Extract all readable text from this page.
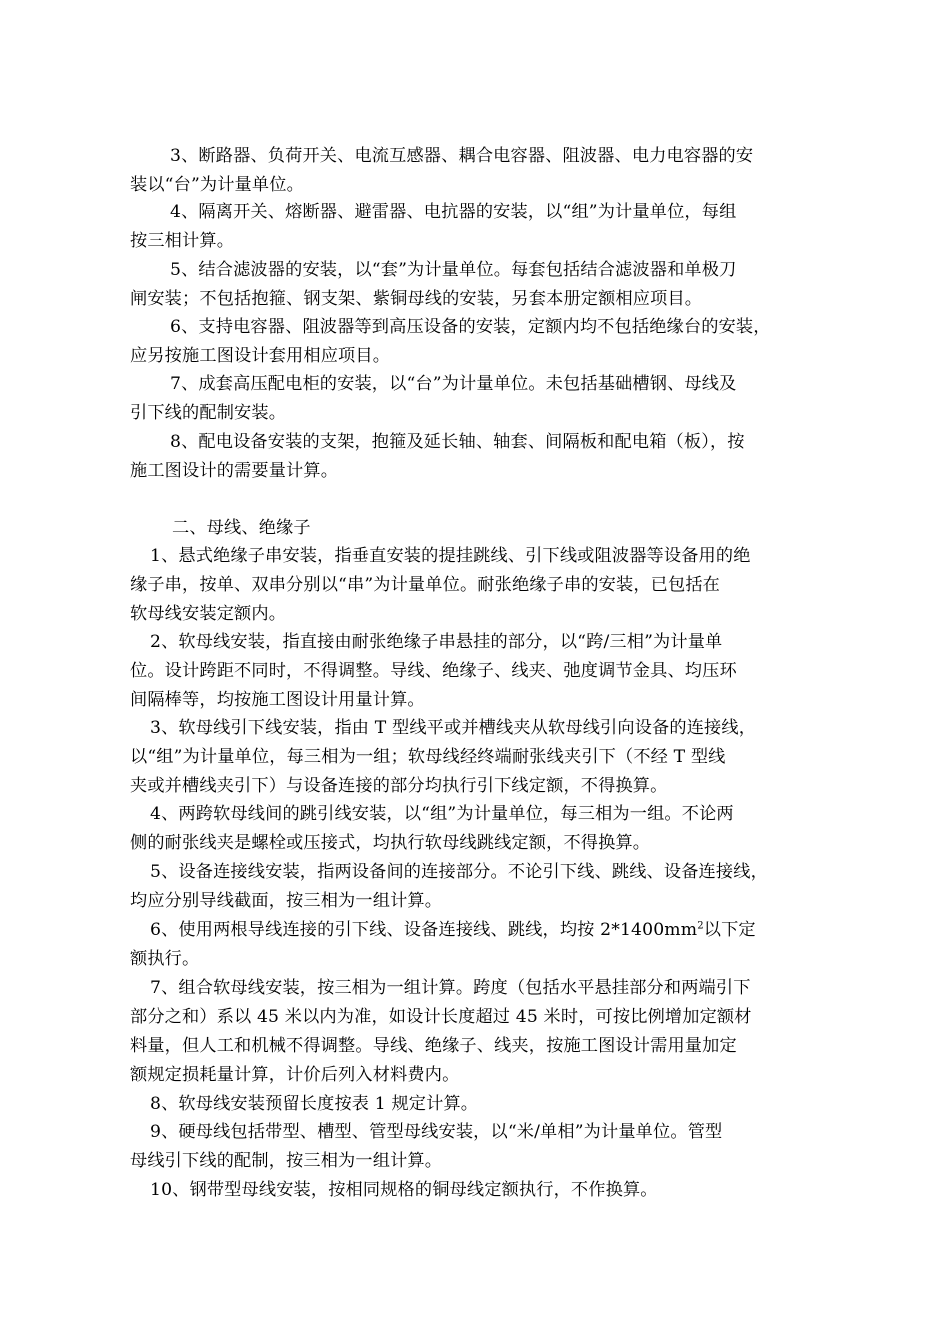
3、断路器、负荷开关、电流互感器、耦合电容器、阻波器、电力电容器的安
装以“台”为计量单位。
4、隔离开关、熔断器、避雷器、电抗器的安装，以“组”为计量单位，每组
按三相计算。
5、结合滤波器的安装，以“套”为计量单位。每套包括结合滤波器和单极刀
闸安装；不包括抱箍、钢支架、紫铜母线的安装，另套本册定额相应项目。
6、支持电容器、阻波器等到高压设备的安装，定额内均不包括绝缘台的安装，
应另按施工图设计套用相应项目。
7、成套高压配电柜的安装，以“台”为计量单位。未包括基础槽钢、母线及
引下线的配制安装。
8、配电设备安装的支架，抱箍及延长轴、轴套、间隔板和配电箱（板），按
施工图设计的需要量计算。
二、母线、绝缘子
1、悬式绝缘子串安装，指垂直安装的提挂跳线、引下线或阻波器等设备用的绝
缘子串，按单、双串分别以“串”为计量单位。耐张绝缘子串的安装，已包括在
软母线安装定额内。
2、软母线安装，指直接由耐张绝缘子串悬挂的部分，以“跨/三相”为计量单
位。设计跨距不同时，不得调整。导线、绝缘子、线夹、弛度调节金具、均压环
间隔棒等，均按施工图设计用量计算。
3、软母线引下线安装，指由 T 型线平或并槽线夹从软母线引向设备的连接线，
以“组”为计量单位，每三相为一组；软母线经终端耐张线夹引下（不经 T 型线
夹或并槽线夹引下）与设备连接的部分均执行引下线定额，不得换算。
4、两跨软母线间的跳引线安装，以“组”为计量单位，每三相为一组。不论两
侧的耐张线夹是螺栓或压接式，均执行软母线跳线定额，不得换算。
5、设备连接线安装，指两设备间的连接部分。不论引下线、跳线、设备连接线，
均应分别导线截面，按三相为一组计算。
6、使用两根导线连接的引下线、设备连接线、跳线，均按 $2*1400mm^2$以下定
额执行。
7、组合软母线安装，按三相为一组计算。跨度（包括水平悬挂部分和两端引下
部分之和）系以 45 米以内为准，如设计长度超过 45 米时，可按比例增加定额材
料量，但人工和机械不得调整。导线、绝缘子、线夹，按施工图设计需用量加定
额规定损耗量计算，计价后列入材料费内。
8、软母线安装预留长度按表 1 规定计算。
9、硬母线包括带型、槽型、管型母线安装，以“米/单相”为计量单位。管型
母线引下线的配制，按三相为一组计算。
10、钢带型母线安装，按相同规格的铜母线定额执行，不作换算。
